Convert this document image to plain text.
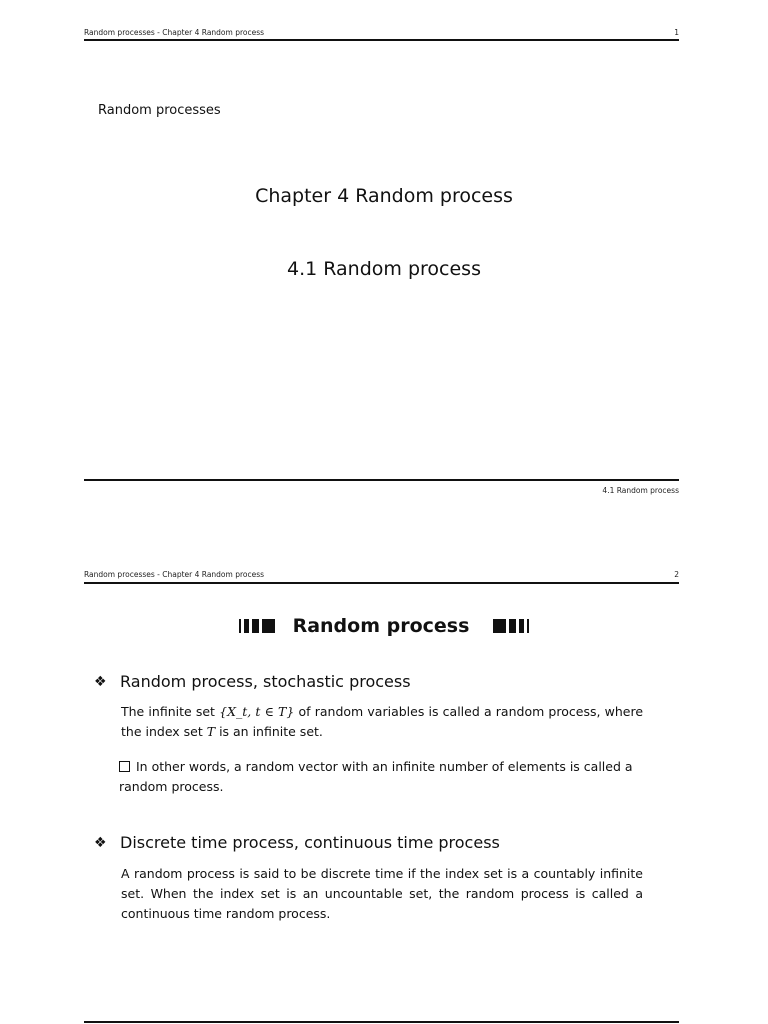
Random processes - Chapter 4 Random process	1
Random processes
Chapter 4 Random process
4.1 Random process
4.1 Random process
Random processes - Chapter 4 Random process	2
Random process
❖ Random process, stochastic process
The infinite set {X_t, t ∈ T} of random variables is called a random process, where the index set T is an infinite set.
In other words, a random vector with an infinite number of elements is called a random process.
❖ Discrete time process, continuous time process
A random process is said to be discrete time if the index set is a countably infinite set. When the index set is an uncountable set, the random process is called a continuous time random process.
